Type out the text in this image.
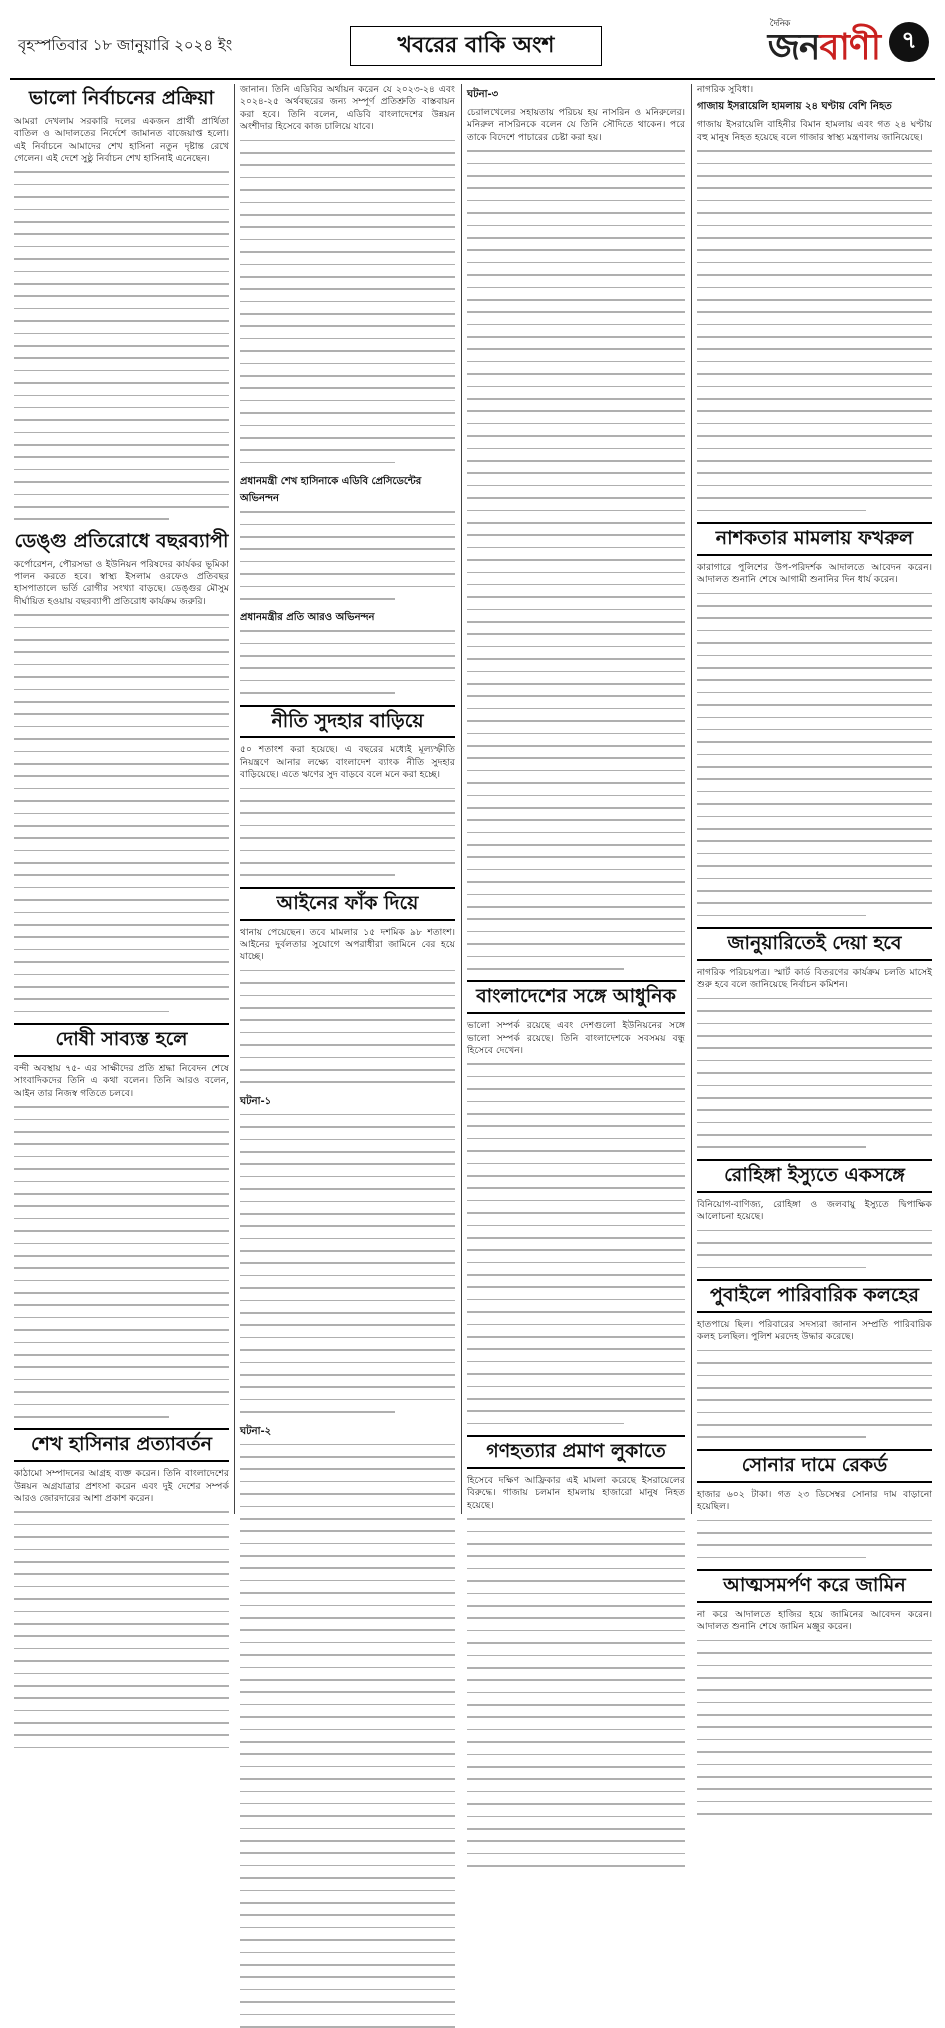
বৃহস্পতিবার ১৮ জানুয়ারি ২০২৪ ইং	খবরের বাকি অংশ
দৈনিক
জনবাণী ৭
ভালো নির্বাচনের প্রক্রিয়া
আমরা দেখলাম সরকারি দলের একজন প্রার্থী প্রার্থিতা বাতিল ও আদালতের নির্দেশে জামানত বাজেয়াপ্ত হলো। এই নির্বাচনে আমাদের শেখ হাসিনা নতুন দৃষ্টান্ত রেখে গেলেন। এই দেশে সুষ্ঠু নির্বাচন শেখ হাসিনাই এনেছেন।
ডেঙ্গু প্রতিরোধে বছরব্যাপী
কর্পোরেশন, পৌরসভা ও ইউনিয়ন পরিষদের কার্যকর ভূমিকা পালন করতে হবে। স্বাস্থ্য ইসলাম ওরফেও প্রতিবছর হাসপাতালে ভর্তি রোগীর সংখ্যা বাড়ছে। ডেঙ্গুর মৌসুম দীর্ঘায়িত হওয়ায় বছরব্যাপী প্রতিরোধ কার্যক্রম জরুরি।
দোষী সাব্যস্ত হলে
বন্দী অবস্থায় ৭৫- এর সাক্ষীদের প্রতি শ্রদ্ধা নিবেদন শেষে সাংবাদিকদের তিনি এ কথা বলেন। তিনি আরও বলেন, আইন তার নিজস্ব গতিতে চলবে।
শেখ হাসিনার প্রত্যাবর্তন
কাঠামো সম্পাদনের আগ্রহ ব্যক্ত করেন। তিনি বাংলাদেশের উন্নয়ন অগ্রযাত্রার প্রশংসা করেন এবং দুই দেশের সম্পর্ক আরও জোরদারের আশা প্রকাশ করেন।
জানান। তিনি এডিবির অর্থায়ন করেন যে ২০২৩-২৪ এবং ২০২৪-২৫ অর্থবছরের জন্য সম্পূর্ণ প্রতিশ্রুতি বাস্তবায়ন করা হবে। তিনি বলেন, এডিবি বাংলাদেশের উন্নয়ন অংশীদার হিসেবে কাজ চালিয়ে যাবে।
প্রধানমন্ত্রী শেখ হাসিনাকে এডিবি প্রেসিডেন্টের অভিনন্দন
প্রধানমন্ত্রীর প্রতি আরও অভিনন্দন
নীতি সুদহার বাড়িয়ে
৫০ শতাংশ করা হয়েছে। এ বছরের মধ্যেই মূল্যস্ফীতি নিয়ন্ত্রণে আনার লক্ষ্যে বাংলাদেশ ব্যাংক নীতি সুদহার বাড়িয়েছে। এতে ঋণের সুদ বাড়বে বলে মনে করা হচ্ছে।
আইনের ফাঁক দিয়ে
থানায় পেয়েছেন। তবে মামলার ১৫ দশমিক ৯৮ শতাংশ। আইনের দুর্বলতার সুযোগে অপরাধীরা জামিনে বের হয়ে যাচ্ছে।
ঘটনা-১
ঘটনা-২
ঘটনা-৩
চেরালখেলের সহায়তায় পরিচয় হয় নাসরিন ও মনিরুলের। মনিরুল নাসরিনকে বলেন যে তিনি সৌদিতে থাকেন। পরে তাকে বিদেশে পাচারের চেষ্টা করা হয়।
বাংলাদেশের সঙ্গে আধুনিক
ভালো সম্পর্ক রয়েছে এবং দেশগুলো ইউনিয়নের সঙ্গে ভালো সম্পর্ক রয়েছে। তিনি বাংলাদেশকে সবসময় বন্ধু হিসেবে দেখেন।
গণহত্যার প্রমাণ লুকাতে
হিসেবে দক্ষিণ আফ্রিকার এই মামলা করেছে ইসরায়েলের বিরুদ্ধে। গাজায় চলমান হামলায় হাজারো মানুষ নিহত হয়েছে।
নাগরিক সুবিধা।
গাজায় ইসরায়েলি হামলায় ২৪ ঘণ্টায় বেশি নিহত
গাজায় ইসরায়েলি বাহিনীর বিমান হামলায় এবং গত ২৪ ঘণ্টায় বহু মানুষ নিহত হয়েছে বলে গাজার স্বাস্থ্য মন্ত্রণালয় জানিয়েছে।
নাশকতার মামলায় ফখরুল
কারাগারে পুলিশের উপ-পরিদর্শক আদালতে আবেদন করেন। আদালত শুনানি শেষে আগামী শুনানির দিন ধার্য করেন।
জানুয়ারিতেই দেয়া হবে
নাগরিক পরিচয়পত্র। স্মার্ট কার্ড বিতরণের কার্যক্রম চলতি মাসেই শুরু হবে বলে জানিয়েছে নির্বাচন কমিশন।
রোহিঙ্গা ইস্যুতে একসঙ্গে
বিনিয়োগ-বাণিজ্য, রোহিঙ্গা ও জলবায়ু ইস্যুতে দ্বিপাক্ষিক আলোচনা হয়েছে।
পুবাইলে পারিবারিক কলহের
হাতপায়ে ছিল। পরিবারের সদস্যরা জানান সম্প্রতি পারিবারিক কলহ চলছিল। পুলিশ মরদেহ উদ্ধার করেছে।
সোনার দামে রেকর্ড
হাজার ৬০২ টাকা। গত ২৩ ডিসেম্বর সোনার দাম বাড়ানো হয়েছিল।
আত্মসমর্পণ করে জামিন
না করে আদালতে হাজির হয়ে জামিনের আবেদন করেন। আদালত শুনানি শেষে জামিন মঞ্জুর করেন।
